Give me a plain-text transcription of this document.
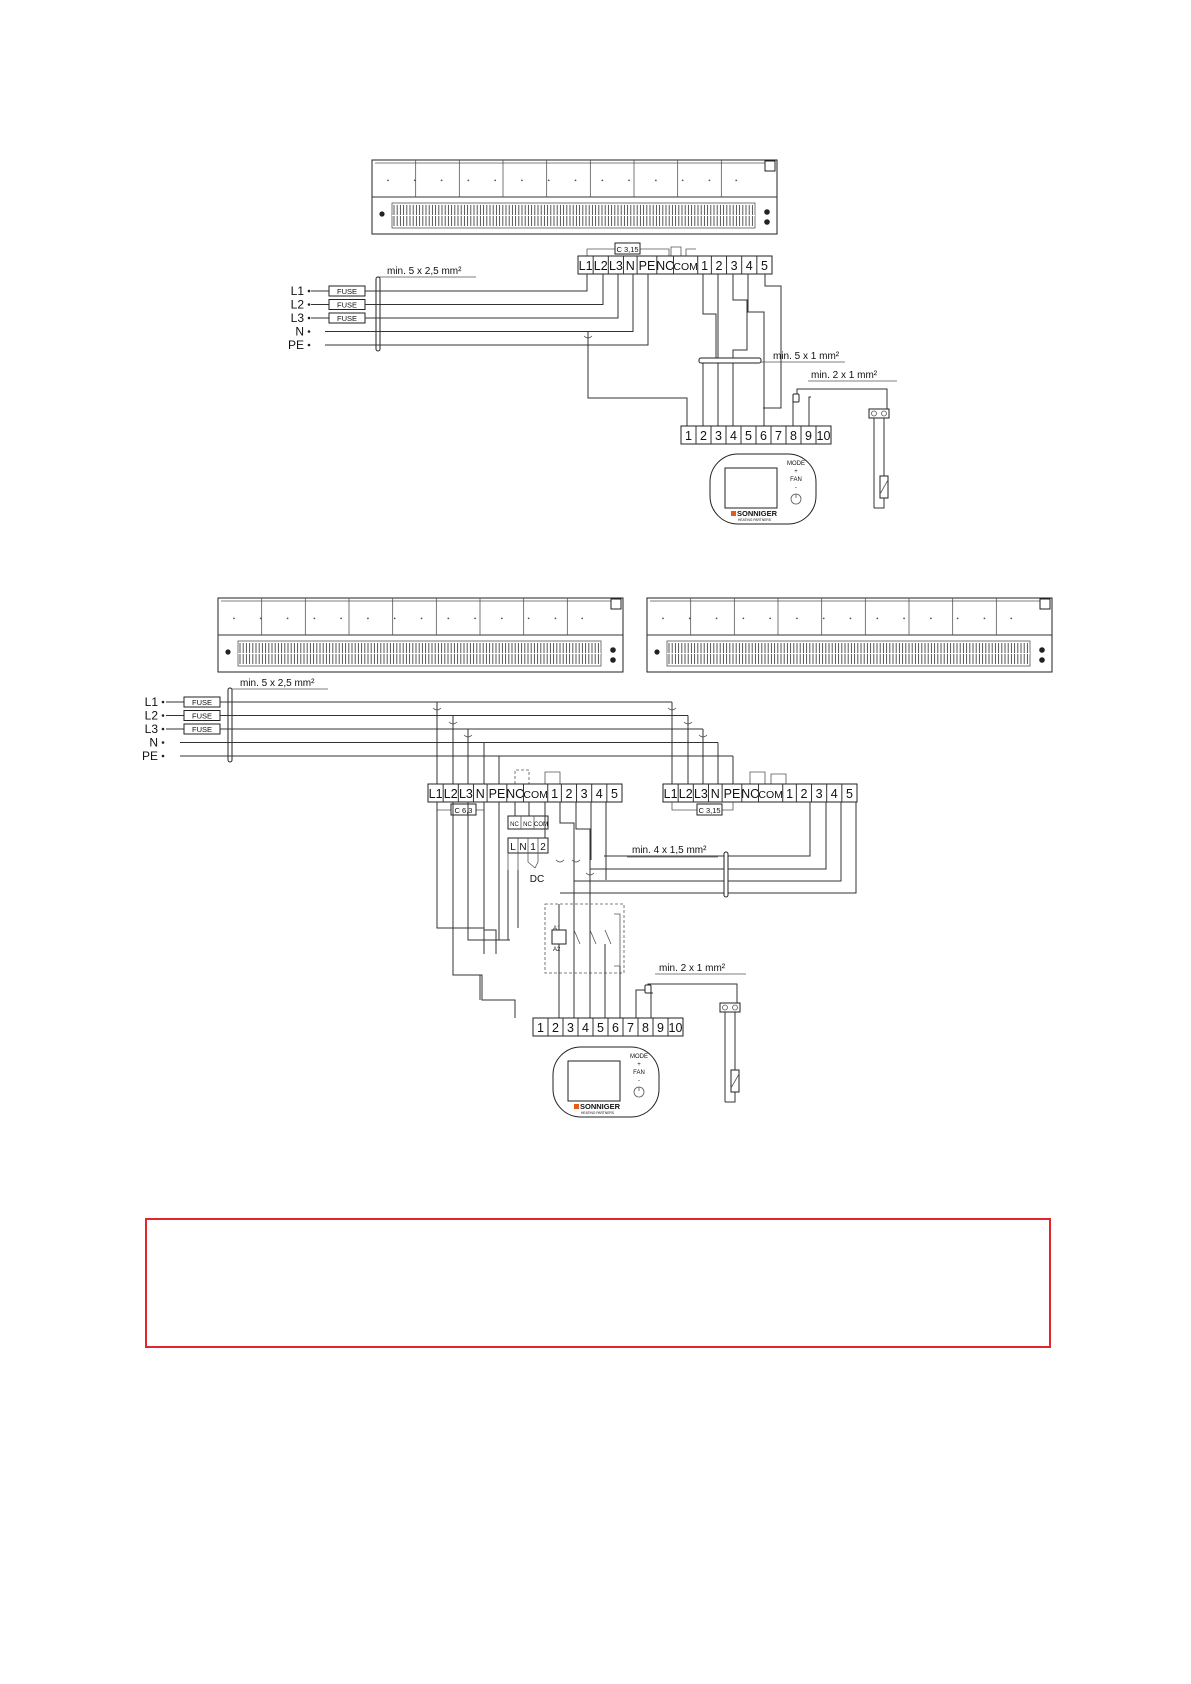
C 3,15
L1 L2 L3 N PE NC COM 1 2 3 4 5
L1
L2
L3
N
PE
FUSE
FUSE
FUSE
min. 5 x 2,5 mm²
min. 5 x 1 mm²
min. 2 x 1 mm²
1 2 3 4 5 6 7 8 9 10
MODE
+
FAN
-
SONNIGER
HEATING PARTNERS
L1
L2
L3
N
PE
FUSE
FUSE
FUSE
min. 5 x 2,5 mm²
L1 L2 L3 N PE NC COM 1 2 3 4 5
C 6,3
L1 L2 L3 N PE NC COM 1 2 3 4 5
C 3,15
NC NC COM
L N 1 2
DC
min. 4 x 1,5 mm²
A1
A2
min. 2 x 1 mm²
1 2 3 4 5 6 7 8 9 10
MODE
+
FAN
-
SONNIGER
HEATING PARTNERS
